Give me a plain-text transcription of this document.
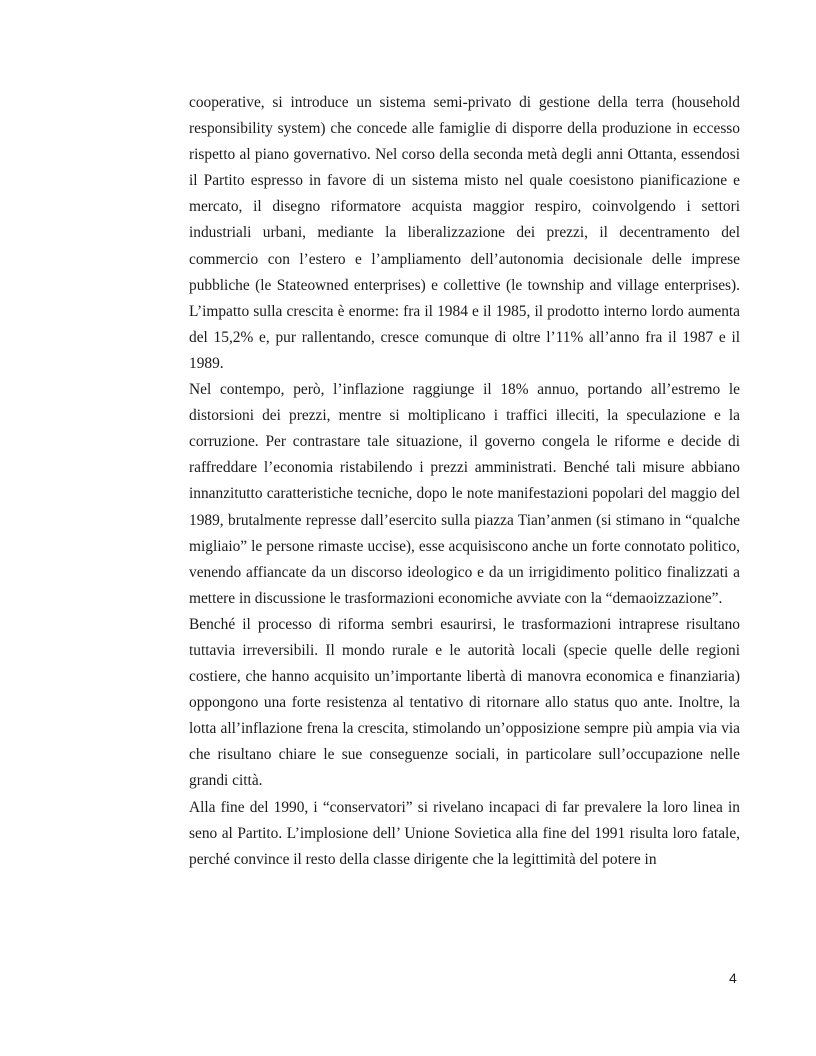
cooperative, si introduce un sistema semi-privato di gestione della terra (household responsibility system) che concede alle famiglie di disporre della produzione in eccesso rispetto al piano governativo. Nel corso della seconda metà degli anni Ottanta, essendosi il Partito espresso in favore di un sistema misto nel quale coesistono pianificazione e mercato, il disegno riformatore acquista maggior respiro, coinvolgendo i settori industriali urbani, mediante la liberalizzazione dei prezzi, il decentramento del commercio con l’estero e l’ampliamento dell’autonomia decisionale delle imprese pubbliche (le Stateowned enterprises) e collettive (le township and village enterprises). L’impatto sulla crescita è enorme: fra il 1984 e il 1985, il prodotto interno lordo aumenta del 15,2% e, pur rallentando, cresce comunque di oltre l’11% all’anno fra il 1987 e il 1989.

Nel contempo, però, l’inflazione raggiunge il 18% annuo, portando all’estremo le distorsioni dei prezzi, mentre si moltiplicano i traffici illeciti, la speculazione e la corruzione. Per contrastare tale situazione, il governo congela le riforme e decide di raffreddare l’economia ristabilendo i prezzi amministrati. Benché tali misure abbiano innanzitutto caratteristiche tecniche, dopo le note manifestazioni popolari del maggio del 1989, brutalmente represse dall’esercito sulla piazza Tian’anmen (si stimano in “qualche migliaio” le persone rimaste uccise), esse acquisiscono anche un forte connotato politico, venendo affiancate da un discorso ideologico e da un irrigidimento politico finalizzati a mettere in discussione le trasformazioni economiche avviate con la “demaoizzazione”.

Benché il processo di riforma sembri esaurirsi, le trasformazioni intraprese risultano tuttavia irreversibili. Il mondo rurale e le autorità locali (specie quelle delle regioni costiere, che hanno acquisito un’importante libertà di manovra economica e finanziaria) oppongono una forte resistenza al tentativo di ritornare allo status quo ante. Inoltre, la lotta all’inflazione frena la crescita, stimolando un’opposizione sempre più ampia via via che risultano chiare le sue conseguenze sociali, in particolare sull’occupazione nelle grandi città.

Alla fine del 1990, i “conservatori” si rivelano incapaci di far prevalere la loro linea in seno al Partito. L’implosione dell’ Unione Sovietica alla fine del 1991 risulta loro fatale, perché convince il resto della classe dirigente che la legittimità del potere in

4
